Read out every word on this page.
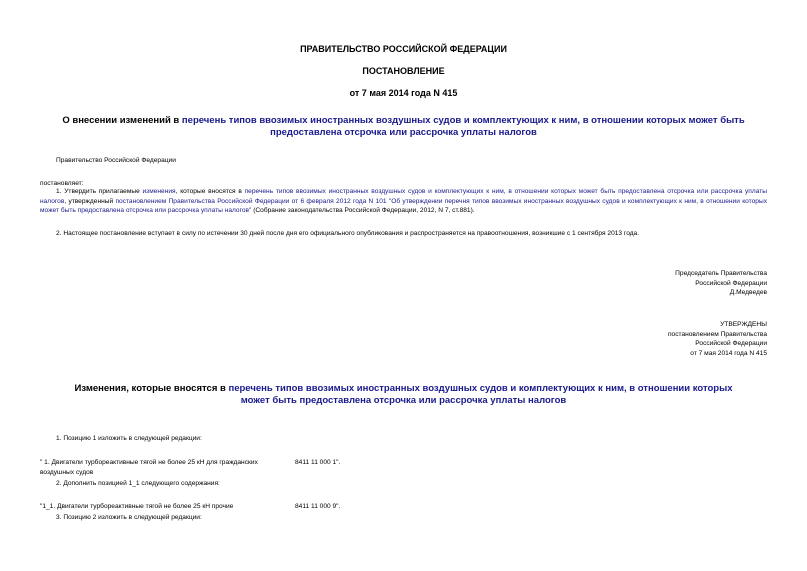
ПРАВИТЕЛЬСТВО РОССИЙСКОЙ ФЕДЕРАЦИИ
ПОСТАНОВЛЕНИЕ
от 7 мая 2014 года N 415
О внесении изменений в перечень типов ввозимых иностранных воздушных судов и комплектующих к ним, в отношении которых может быть предоставлена отсрочка или рассрочка уплаты налогов
Правительство Российской Федерации
постановляет:
1. Утвердить прилагаемые изменения, которые вносятся в перечень типов ввозимых иностранных воздушных судов и комплектующих к ним, в отношении которых может быть предоставлена отсрочка или рассрочка уплаты налогов, утвержденный постановлением Правительства Российской Федерации от 6 февраля 2012 года N 101 "Об утверждении перечня типов ввозимых иностранных воздушных судов и комплектующих к ним, в отношении которых может быть предоставлена отсрочка или рассрочка уплаты налогов" (Собрание законодательства Российской Федерации, 2012, N 7, ст.881).
2. Настоящее постановление вступает в силу по истечении 30 дней после дня его официального опубликования и распространяется на правоотношения, возникшие с 1 сентября 2013 года.
Председатель Правительства
Российской Федерации
Д.Медведев
УТВЕРЖДЕНЫ
постановлением Правительства
Российской Федерации
от 7 мая 2014 года N 415
Изменения, которые вносятся в перечень типов ввозимых иностранных воздушных судов и комплектующих к ним, в отношении которых может быть предоставлена отсрочка или рассрочка уплаты налогов
1. Позицию 1 изложить в следующей редакции:
" 1. Двигатели турбореактивные тягой не более 25 кН для гражданских воздушных судов
8411 11 000 1".
2. Дополнить позицией 1_1 следующего содержания:
"1_1. Двигатели турбореактивные тягой не более 25 кН прочие	8411 11 000 9".
3. Позицию 2 изложить в следующей редакции:
